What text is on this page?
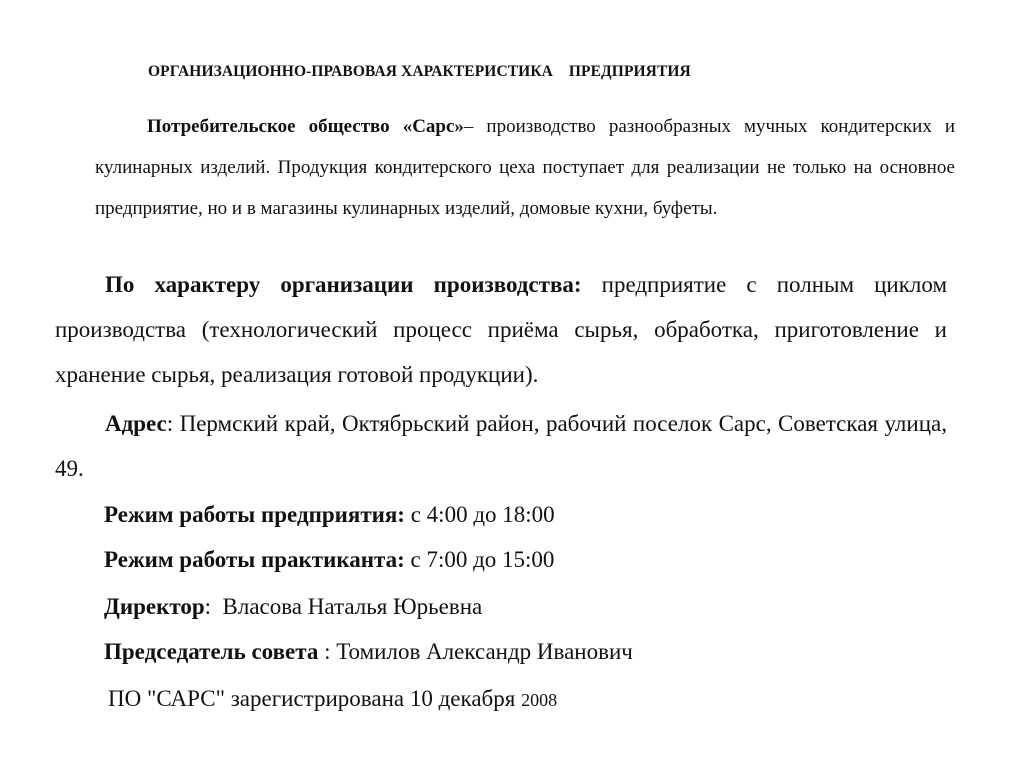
ОРГАНИЗАЦИОННО-ПРАВОВАЯ ХАРАКТЕРИСТИКА    ПРЕДПРИЯТИЯ
Потребительское общество «Сарс»– производство разнообразных мучных кондитерских и кулинарных изделий. Продукция кондитерского цеха поступает для реализации не только на основное предприятие, но и в магазины кулинарных изделий, домовые кухни, буфеты.
По характеру организации производства: предприятие с полным циклом производства (технологический процесс приёма сырья, обработка, приготовление и хранение сырья, реализация готовой продукции).
Адрес: Пермский край, Октябрьский район, рабочий поселок Сарс, Советская улица, 49.
Режим работы предприятия: с 4:00 до 18:00
Режим работы практиканта: с 7:00 до 15:00
Директор:  Власова Наталья Юрьевна
Председатель совета : Томилов Александр Иванович
ПО "САРС" зарегистрирована 10 декабря 2008
